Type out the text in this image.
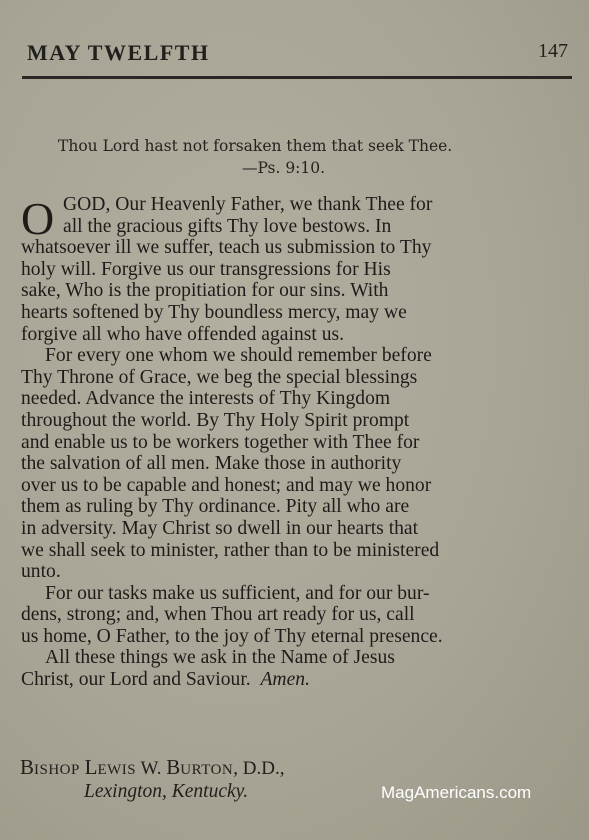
MAY TWELFTH	147
Thou Lord hast not forsaken them that seek Thee.
—Ps. 9:10.
O GOD, Our Heavenly Father, we thank Thee for
all the gracious gifts Thy love bestows. In
whatsoever ill we suffer, teach us submission to Thy
holy will. Forgive us our transgressions for His
sake, Who is the propitiation for our sins. With
hearts softened by Thy boundless mercy, may we
forgive all who have offended against us.
For every one whom we should remember before
Thy Throne of Grace, we beg the special blessings
needed. Advance the interests of Thy Kingdom
throughout the world. By Thy Holy Spirit prompt
and enable us to be workers together with Thee for
the salvation of all men. Make those in authority
over us to be capable and honest; and may we honor
them as ruling by Thy ordinance. Pity all who are
in adversity. May Christ so dwell in our hearts that
we shall seek to minister, rather than to be ministered
unto.
For our tasks make us sufficient, and for our bur-
dens, strong; and, when Thou art ready for us, call
us home, O Father, to the joy of Thy eternal presence.
All these things we ask in the Name of Jesus
Christ, our Lord and Saviour. Amen.
BISHOP LEWIS W. BURTON, D.D.,
Lexington, Kentucky.	MagAmericans.com
